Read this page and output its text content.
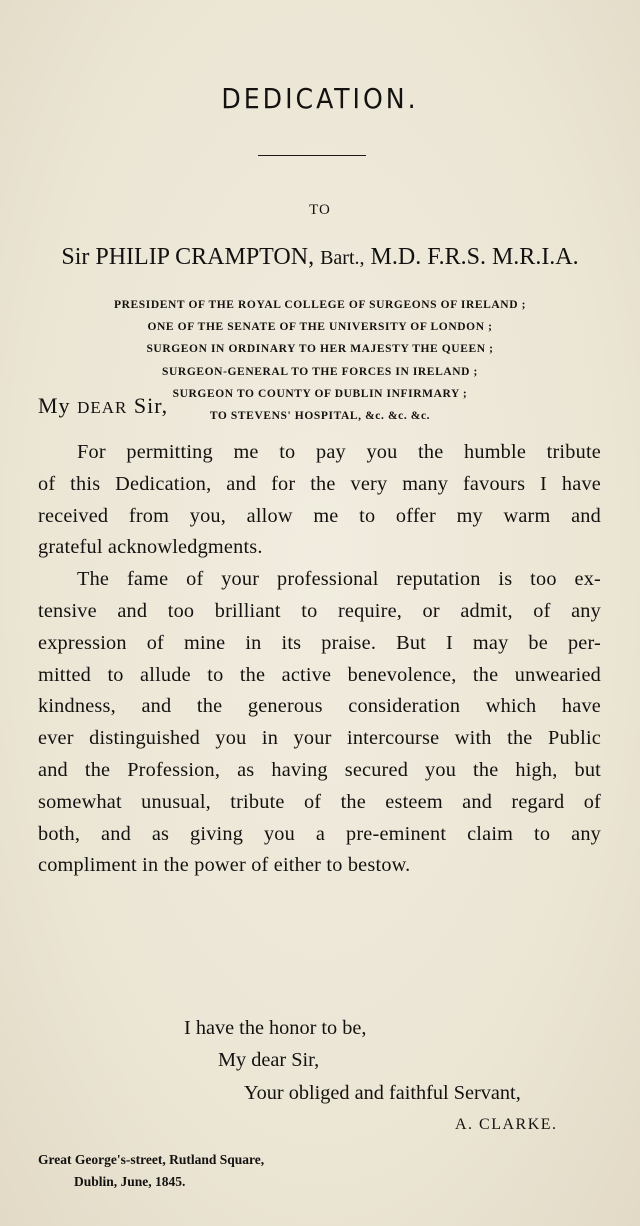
DEDICATION.
TO
Sir PHILIP CRAMPTON, Bart., M.D. F.R.S. M.R.I.A.
PRESIDENT OF THE ROYAL COLLEGE OF SURGEONS OF IRELAND ;
ONE OF THE SENATE OF THE UNIVERSITY OF LONDON ;
SURGEON IN ORDINARY TO HER MAJESTY THE QUEEN ;
SURGEON-GENERAL TO THE FORCES IN IRELAND ;
SURGEON TO COUNTY OF DUBLIN INFIRMARY ;
TO STEVENS' HOSPITAL, &c. &c. &c.
My DEAR Sir,
For permitting me to pay you the humble tribute
of this Dedication, and for the very many favours I have
received from you, allow me to offer my warm and
grateful acknowledgments.
The fame of your professional reputation is too ex-
tensive and too brilliant to require, or admit, of any
expression of mine in its praise. But I may be per-
mitted to allude to the active benevolence, the unwearied
kindness, and the generous consideration which have
ever distinguished you in your intercourse with the Public
and the Profession, as having secured you the high, but
somewhat unusual, tribute of the esteem and regard of
both, and as giving you a pre-eminent claim to any
compliment in the power of either to bestow.
I have the honor to be,
My dear Sir,
Your obliged and faithful Servant,
A. CLARKE.
Great George's-street, Rutland Square,
Dublin, June, 1845.
